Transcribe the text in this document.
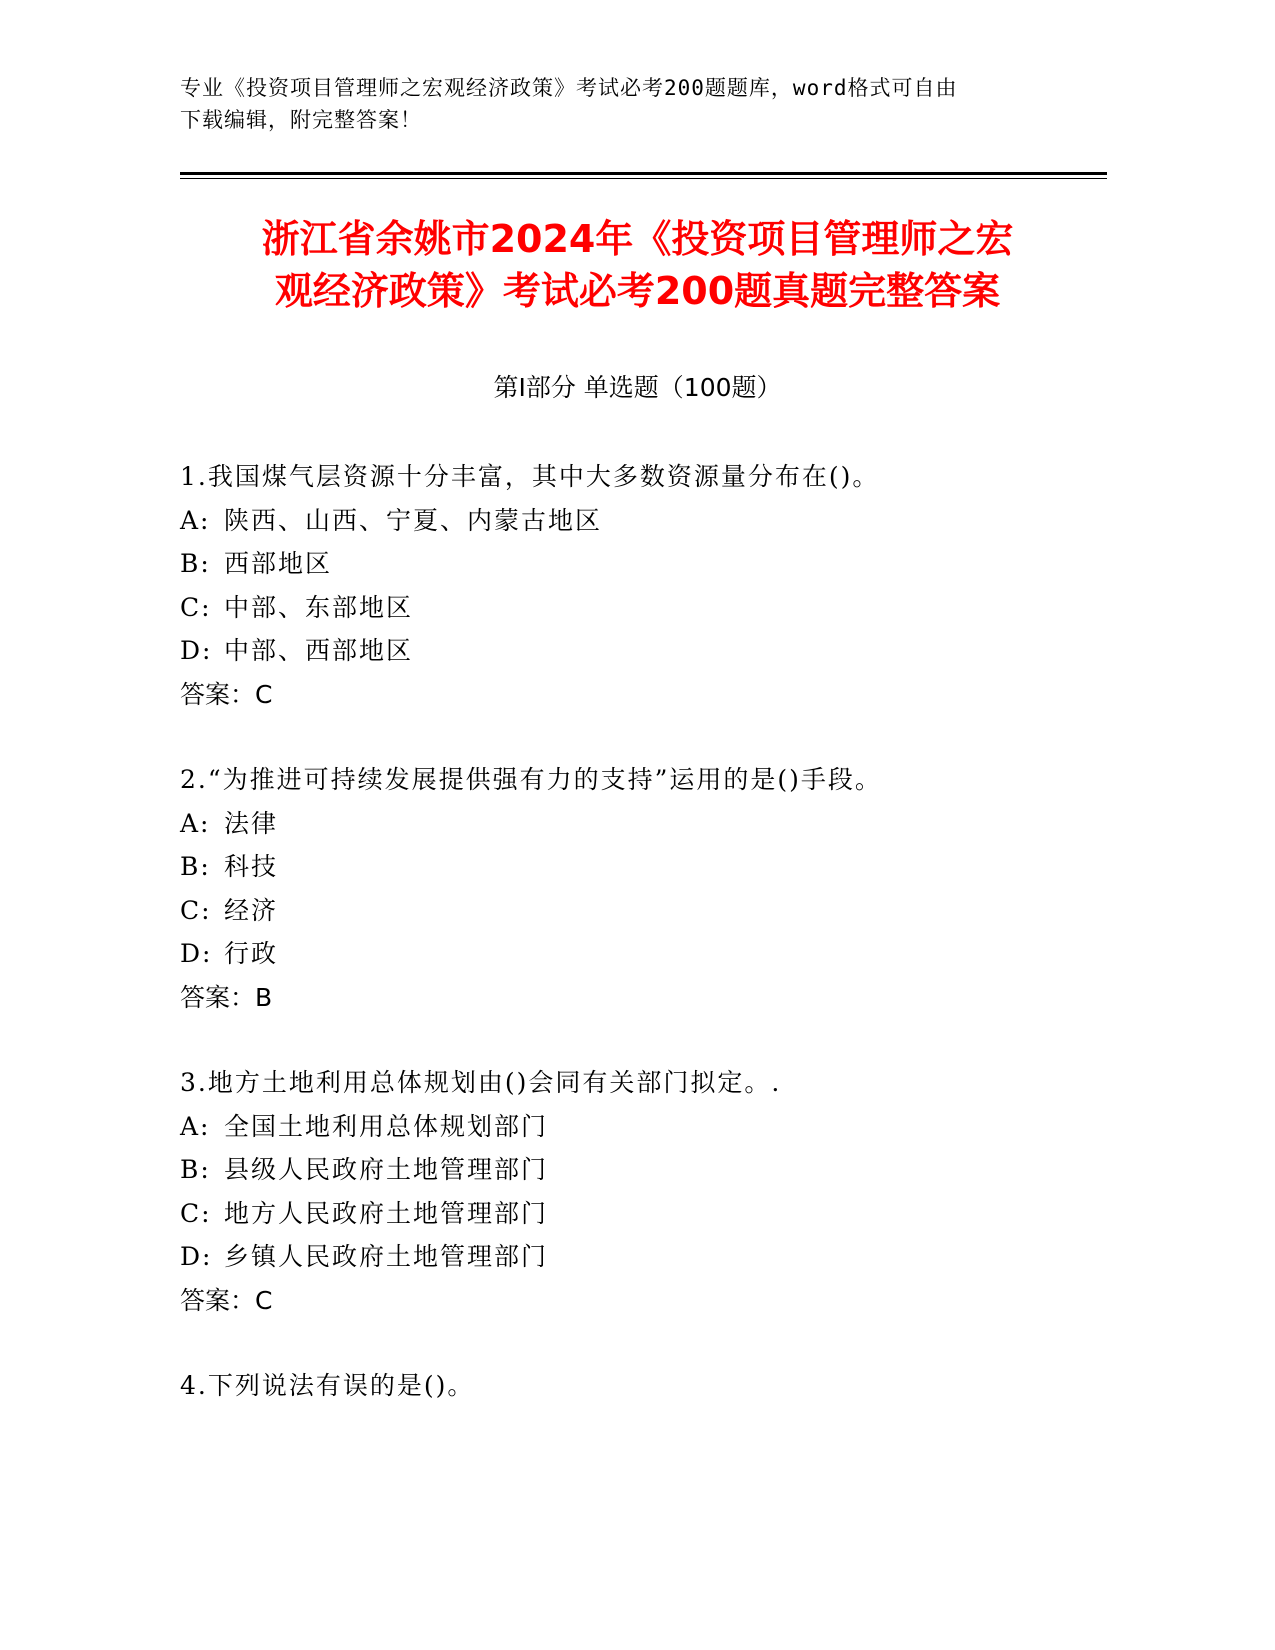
专业《投资项目管理师之宏观经济政策》考试必考200题题库，word格式可自由
下载编辑，附完整答案！
浙江省余姚市2024年《投资项目管理师之宏
观经济政策》考试必考200题真题完整答案
第Ⅰ部分 单选题（100题）
1.我国煤气层资源十分丰富，其中大多数资源量分布在()。
A: 陕西、山西、宁夏、内蒙古地区
B: 西部地区
C: 中部、东部地区
D: 中部、西部地区
答案：C
2.“为推进可持续发展提供强有力的支持”运用的是()手段。
A: 法律
B: 科技
C: 经济
D: 行政
答案：B
3.地方土地利用总体规划由()会同有关部门拟定。.
A: 全国土地利用总体规划部门
B: 县级人民政府土地管理部门
C: 地方人民政府土地管理部门
D: 乡镇人民政府土地管理部门
答案：C
4.下列说法有误的是()。
